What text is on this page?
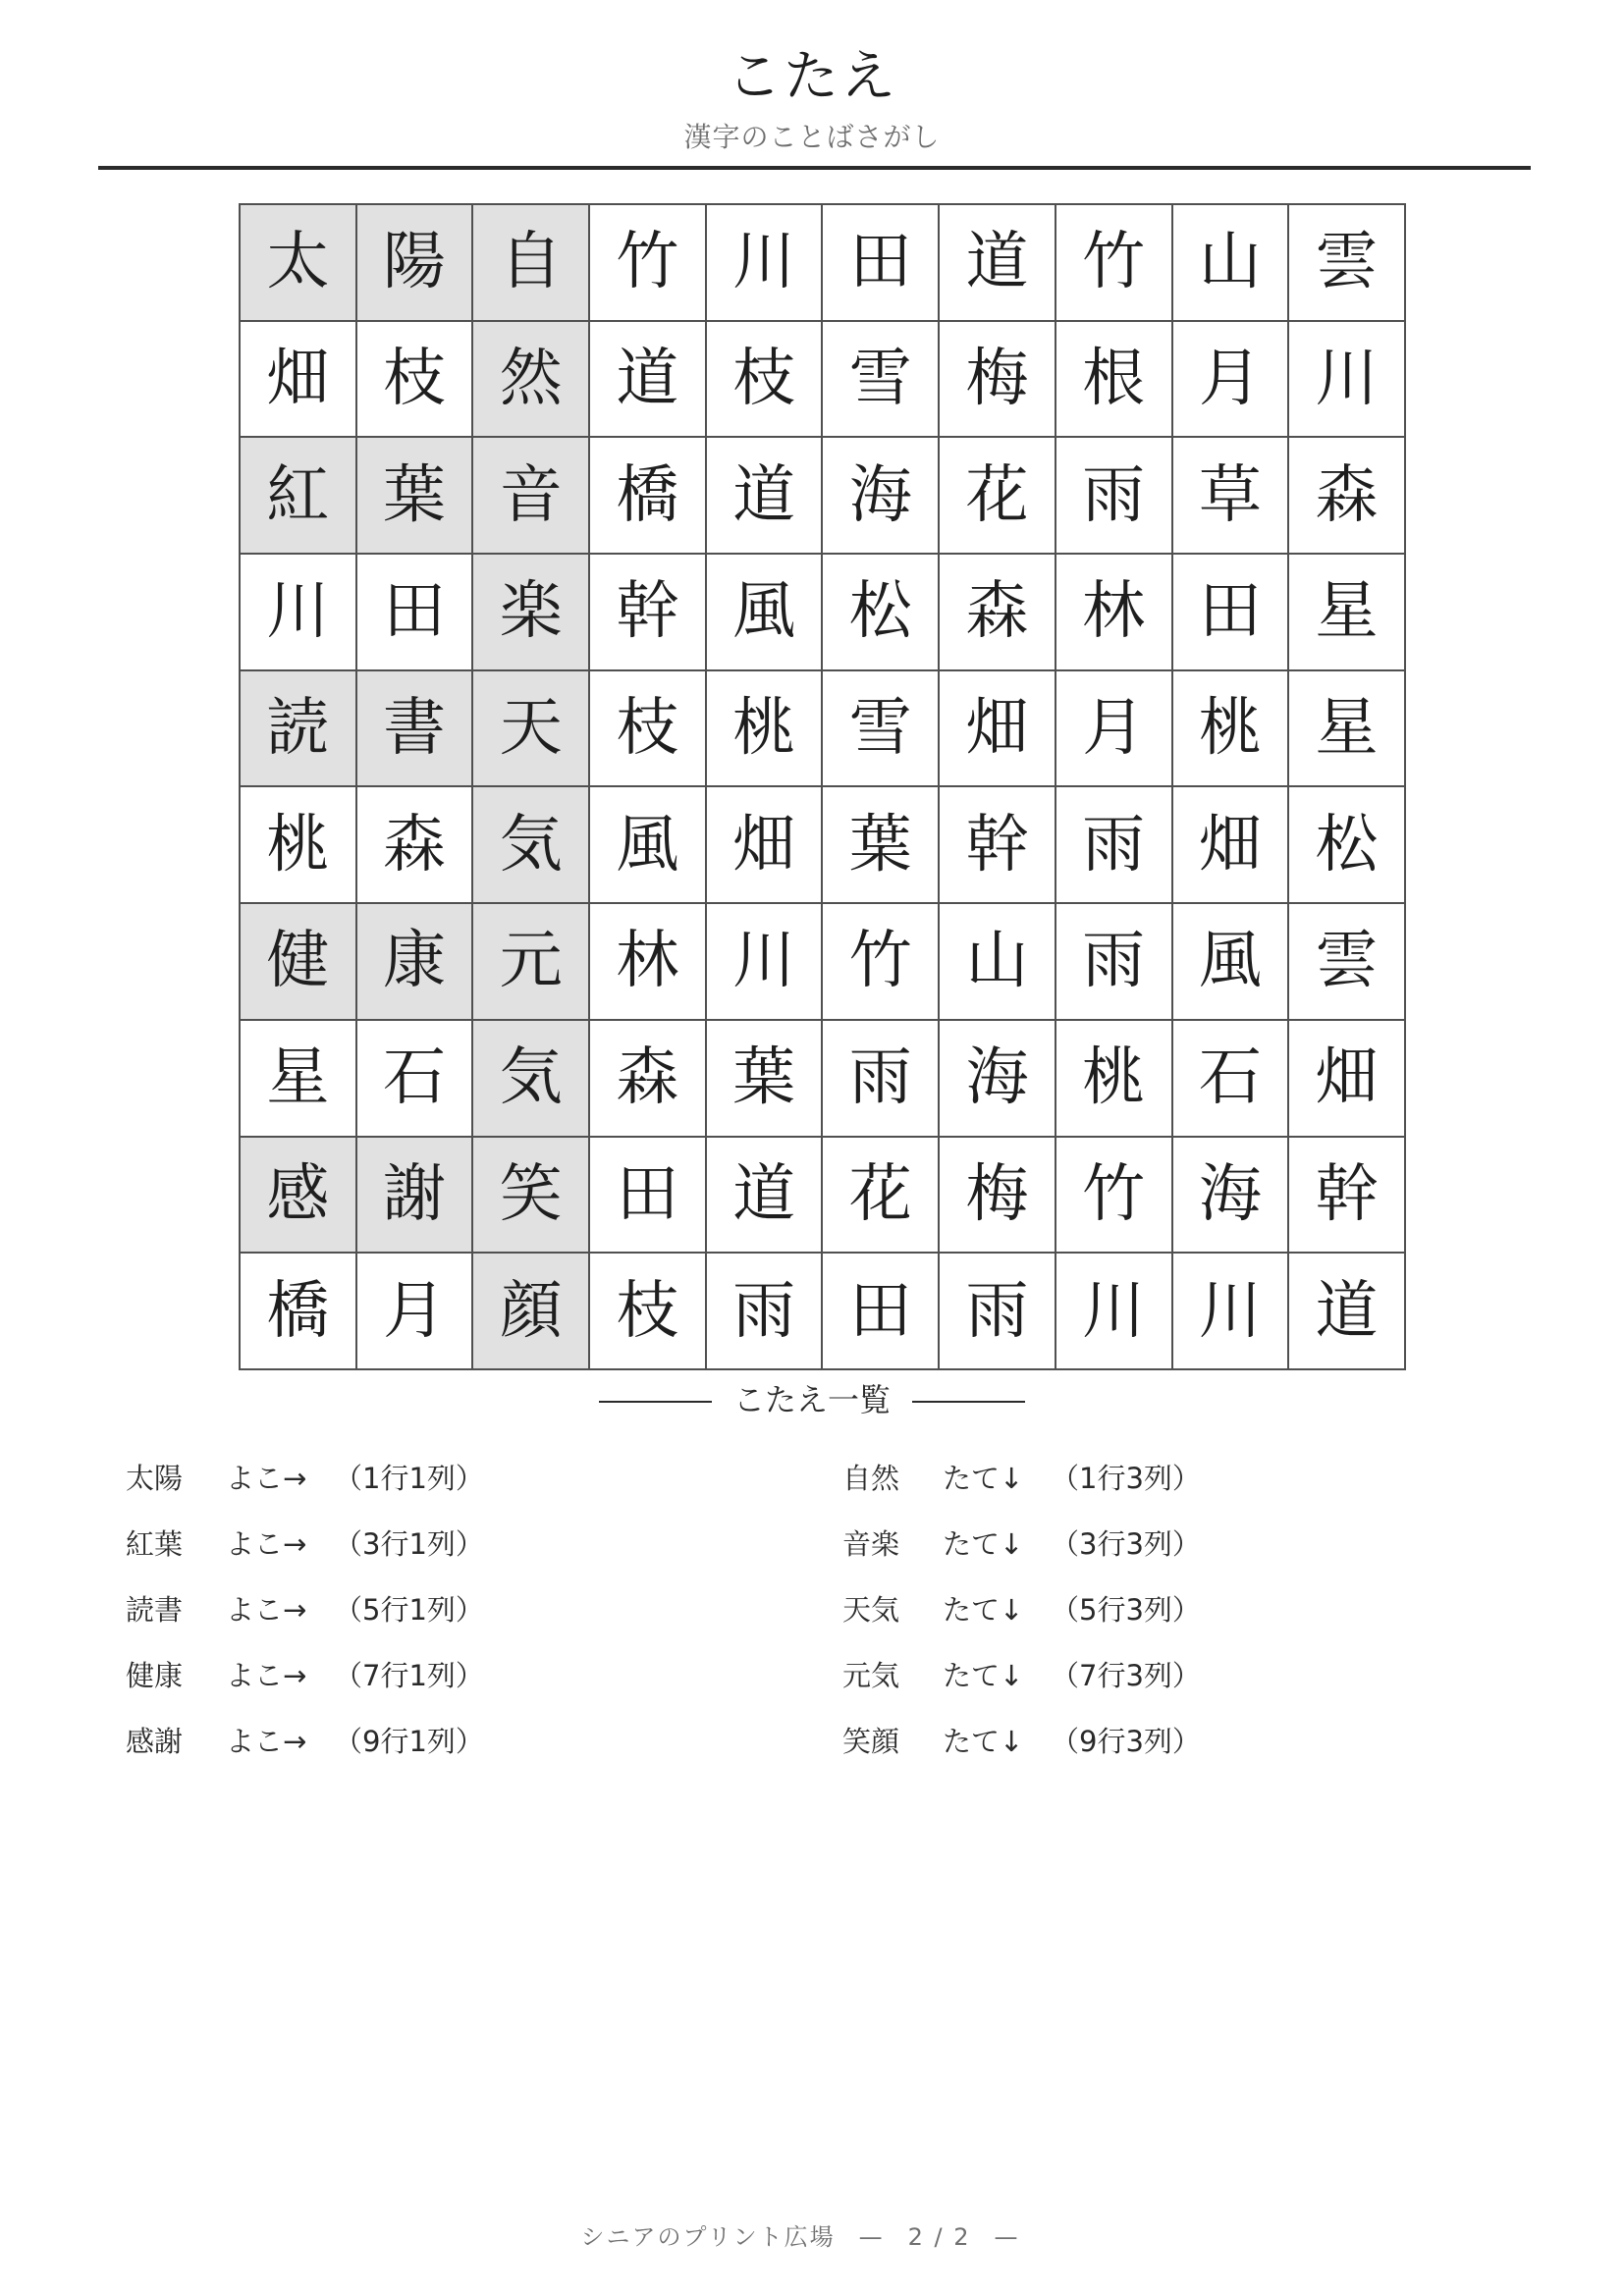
こたえ
漢字のことばさがし
太	陽	自	竹	川	田	道	竹	山	雲
畑	枝	然	道	枝	雪	梅	根	月	川
紅	葉	音	橋	道	海	花	雨	草	森
川	田	楽	幹	風	松	森	林	田	星
読	書	天	枝	桃	雪	畑	月	桃	星
桃	森	気	風	畑	葉	幹	雨	畑	松
健	康	元	林	川	竹	山	雨	風	雲
星	石	気	森	葉	雨	海	桃	石	畑
感	謝	笑	田	道	花	梅	竹	海	幹
橋	月	顔	枝	雨	田	雨	川	川	道
こたえ一覧
太陽 よこ→ （1行1列）
紅葉 よこ→ （3行1列）
読書 よこ→ （5行1列）
健康 よこ→ （7行1列）
感謝 よこ→ （9行1列）
自然 たて↓ （1行3列）
音楽 たて↓ （3行3列）
天気 たて↓ （5行3列）
元気 たて↓ （7行3列）
笑顔 たて↓ （9行3列）
シニアのプリント広場 — 2 / 2 —
